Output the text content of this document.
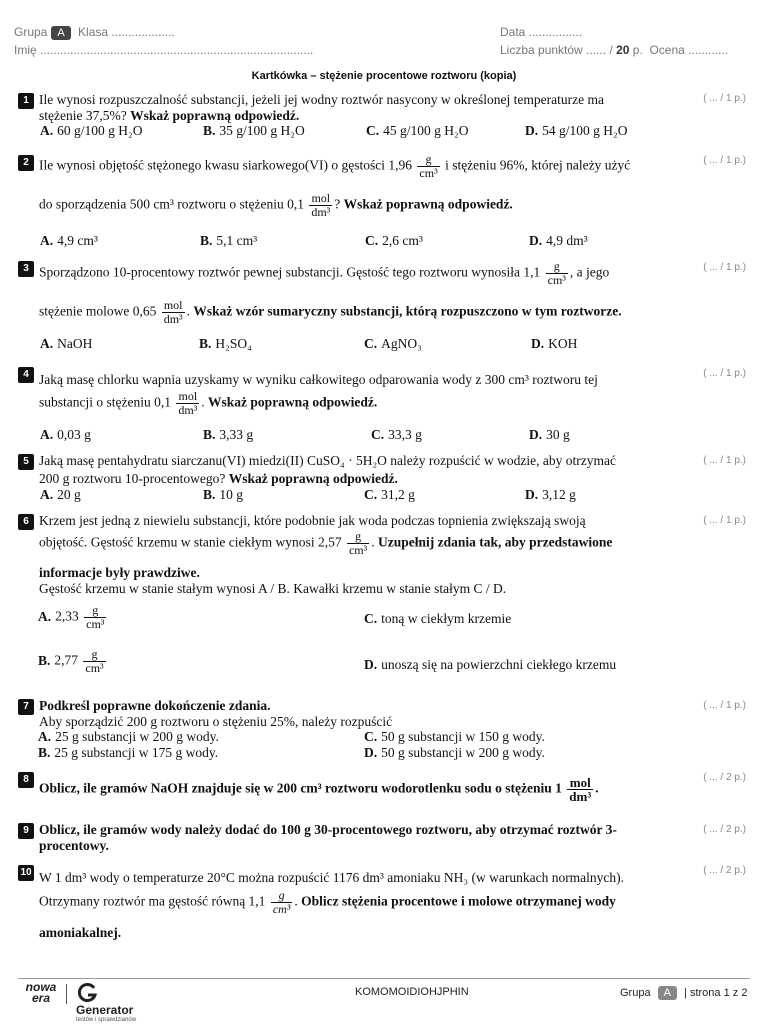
Grupa A Klasa ...................
Imię ..................................................................................
Data ................
Liczba punktów ...... / 20 p. Ocena ............
Kartkówka – stężenie procentowe roztworu (kopia)
1	( ... / 1 p.)
Ile wynosi rozpuszczalność substancji, jeżeli jej wodny roztwór nasycony w określonej temperaturze ma
stężenie 37,5%? Wskaż poprawną odpowiedź.
A. 60 g/100 g H₂O	B. 35 g/100 g H₂O	C. 45 g/100 g H₂O	D. 54 g/100 g H₂O
2	( ... / 1 p.)
Ile wynosi objętość stężonego kwasu siarkowego(VI) o gęstości $1,96 \frac{g}{\text{cm³}}$ i stężeniu 96%, której należy użyć
do sporządzenia 500 cm³ roztworu o stężeniu $0,1 \frac{\text{mol}}{\text{dm³}}$ ? Wskaż poprawną odpowiedź.
A. 4,9 cm³	B. 5,1 cm³	C. 2,6 cm³	D. 4,9 dm³
3	( ... / 1 p.)
Sporządzono 10-procentowy roztwór pewnej substancji. Gęstość tego roztworu wynosiła $1,1 \frac{g}{\text{cm³}}$ , a jego
stężenie molowe $0,65 \frac{\text{mol}}{\text{dm³}}$ . Wskaż wzór sumaryczny substancji, którą rozpuszczono w tym roztworze.
A. NaOH	B. H₂SO₄	C. AgNO₃	D. KOH
4	( ... / 1 p.)
Jaką masę chlorku wapnia uzyskamy w wyniku całkowitego odparowania wody z 300 cm³ roztworu tej
substancji o stężeniu $0,1 \frac{\text{mol}}{\text{dm³}}$ . Wskaż poprawną odpowiedź.
A. 0,03 g	B. 3,33 g	C. 33,3 g	D. 30 g
5	( ... / 1 p.)
Jaką masę pentahydratu siarczanu(VI) miedzi(II) CuSO₄ · 5H₂O należy rozpuścić w wodzie, aby otrzymać
200 g roztworu 10-procentowego? Wskaż poprawną odpowiedź.
A. 20 g	B. 10 g	C. 31,2 g	D. 3,12 g
6	( ... / 1 p.)
Krzem jest jedną z niewielu substancji, które podobnie jak woda podczas topnienia zwiększają swoją
objętość. Gęstość krzemu w stanie ciekłym wynosi $2,57 \frac{g}{\text{cm³}}$ . Uzupełnij zdania tak, aby przedstawione
informacje były prawdziwe.
Gęstość krzemu w stanie stałym wynosi A / B. Kawałki krzemu w stanie stałym C / D.
A. $2,33 \frac{g}{\text{cm³}}$	C. toną w ciekłym krzemie
B. $2,77 \frac{g}{\text{cm³}}$	D. unoszą się na powierzchni ciekłego krzemu
7	( ... / 1 p.)
Podkreśl poprawne dokończenie zdania.
Aby sporządzić 200 g roztworu o stężeniu 25%, należy rozpuścić
A. 25 g substancji w 200 g wody.	C. 50 g substancji w 150 g wody.
B. 25 g substancji w 175 g wody.	D. 50 g substancji w 200 g wody.
8	( ... / 2 p.)
Oblicz, ile gramów NaOH znajduje się w 200 cm³ roztworu wodorotlenku sodu o stężeniu $1 \frac{\text{mol}}{\text{dm³}}$ .
9	( ... / 2 p.)
Oblicz, ile gramów wody należy dodać do 100 g 30-procentowego roztworu, aby otrzymać roztwór 3-
procentowy.
10	( ... / 2 p.)
W 1 dm³ wody o temperaturze 20°C można rozpuścić 1176 dm³ amoniaku NH₃ (w warunkach normalnych).
Otrzymany roztwór ma gęstość równą $1,1 \frac{g}{\text{cm³}}$ . Oblicz stężenia procentowe i molowe otrzymanej wody
amoniakalnej.
nowa era
Generator
testów i sprawdzianów
KOMOMOIDIOHJPHIN	Grupa A | strona 1 z 2
